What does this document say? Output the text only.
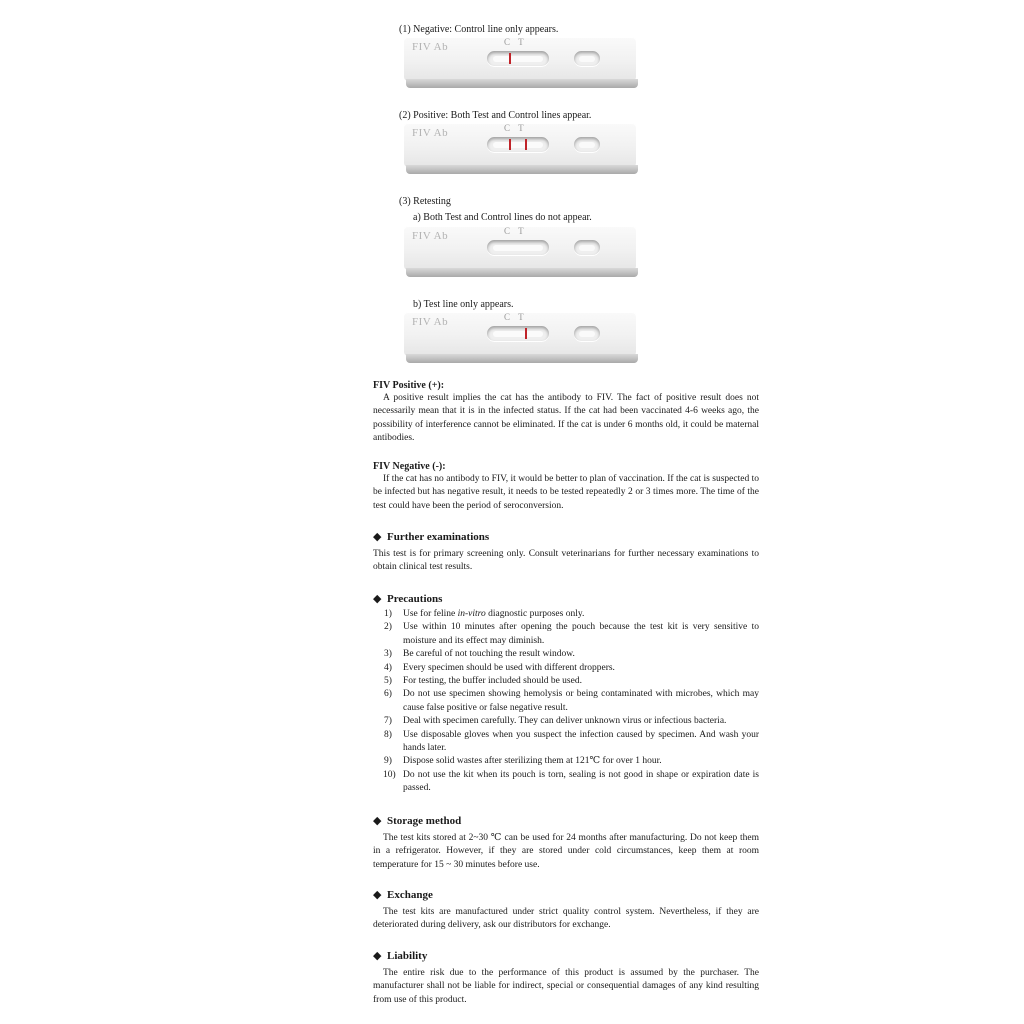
(1) Negative: Control line only appears.
FIV Ab	C T
(2) Positive: Both Test and Control lines appear.
FIV Ab	C T
(3) Retesting
a) Both Test and Control lines do not appear.
FIV Ab	C T
b) Test line only appears.
FIV Ab	C T
FIV Positive (+):
A positive result implies the cat has the antibody to FIV. The fact of positive result does not necessarily mean that it is in the infected status. If the cat had been vaccinated 4-6 weeks ago, the possibility of interference cannot be eliminated. If the cat is under 6 months old, it could be maternal antibodies.
FIV Negative (-):
If the cat has no antibody to FIV, it would be better to plan of vaccination. If the cat is suspected to be infected but has negative result, it needs to be tested repeatedly 2 or 3 times more. The time of the test could have been the period of seroconversion.
◆ Further examinations
This test is for primary screening only. Consult veterinarians for further necessary examinations to obtain clinical test results.
◆ Precautions
1) Use for feline in-vitro diagnostic purposes only.
2) Use within 10 minutes after opening the pouch because the test kit is very sensitive to moisture and its effect may diminish.
3) Be careful of not touching the result window.
4) Every specimen should be used with different droppers.
5) For testing, the buffer included should be used.
6) Do not use specimen showing hemolysis or being contaminated with microbes, which may cause false positive or false negative result.
7) Deal with specimen carefully. They can deliver unknown virus or infectious bacteria.
8) Use disposable gloves when you suspect the infection caused by specimen. And wash your hands later.
9) Dispose solid wastes after sterilizing them at 121℃ for over 1 hour.
10) Do not use the kit when its pouch is torn, sealing is not good in shape or expiration date is passed.
◆ Storage method
The test kits stored at 2~30 ℃ can be used for 24 months after manufacturing. Do not keep them in a refrigerator. However, if they are stored under cold circumstances, keep them at room temperature for 15 ~ 30 minutes before use.
◆ Exchange
The test kits are manufactured under strict quality control system. Nevertheless, if they are deteriorated during delivery, ask our distributors for exchange.
◆ Liability
The entire risk due to the performance of this product is assumed by the purchaser. The manufacturer shall not be liable for indirect, special or consequential damages of any kind resulting from use of this product.
